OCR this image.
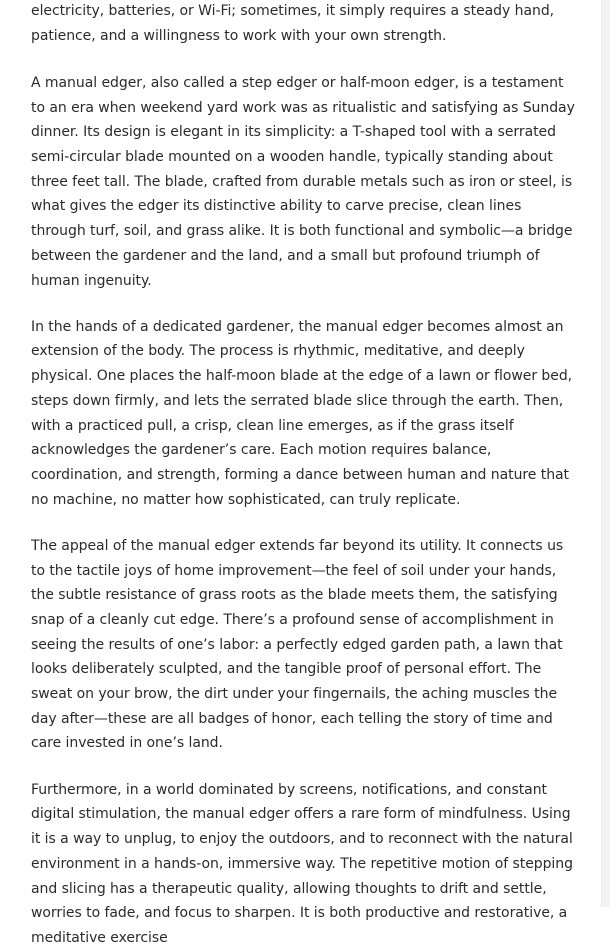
electricity, batteries, or Wi-Fi; sometimes, it simply requires a steady hand, patience, and a willingness to work with your own strength.

A manual edger, also called a step edger or half-moon edger, is a testament to an era when weekend yard work was as ritualistic and satisfying as Sunday dinner. Its design is elegant in its simplicity: a T-shaped tool with a serrated semi-circular blade mounted on a wooden handle, typically standing about three feet tall. The blade, crafted from durable metals such as iron or steel, is what gives the edger its distinctive ability to carve precise, clean lines through turf, soil, and grass alike. It is both functional and symbolic—a bridge between the gardener and the land, and a small but profound triumph of human ingenuity.

In the hands of a dedicated gardener, the manual edger becomes almost an extension of the body. The process is rhythmic, meditative, and deeply physical. One places the half-moon blade at the edge of a lawn or flower bed, steps down firmly, and lets the serrated blade slice through the earth. Then, with a practiced pull, a crisp, clean line emerges, as if the grass itself acknowledges the gardener’s care. Each motion requires balance, coordination, and strength, forming a dance between human and nature that no machine, no matter how sophisticated, can truly replicate.

The appeal of the manual edger extends far beyond its utility. It connects us to the tactile joys of home improvement—the feel of soil under your hands, the subtle resistance of grass roots as the blade meets them, the satisfying snap of a cleanly cut edge. There’s a profound sense of accomplishment in seeing the results of one’s labor: a perfectly edged garden path, a lawn that looks deliberately sculpted, and the tangible proof of personal effort. The sweat on your brow, the dirt under your fingernails, the aching muscles the day after—these are all badges of honor, each telling the story of time and care invested in one’s land.

Furthermore, in a world dominated by screens, notifications, and constant digital stimulation, the manual edger offers a rare form of mindfulness. Using it is a way to unplug, to enjoy the outdoors, and to reconnect with the natural environment in a hands-on, immersive way. The repetitive motion of stepping and slicing has a therapeutic quality, allowing thoughts to drift and settle, worries to fade, and focus to sharpen. It is both productive and restorative, a meditative exercise
